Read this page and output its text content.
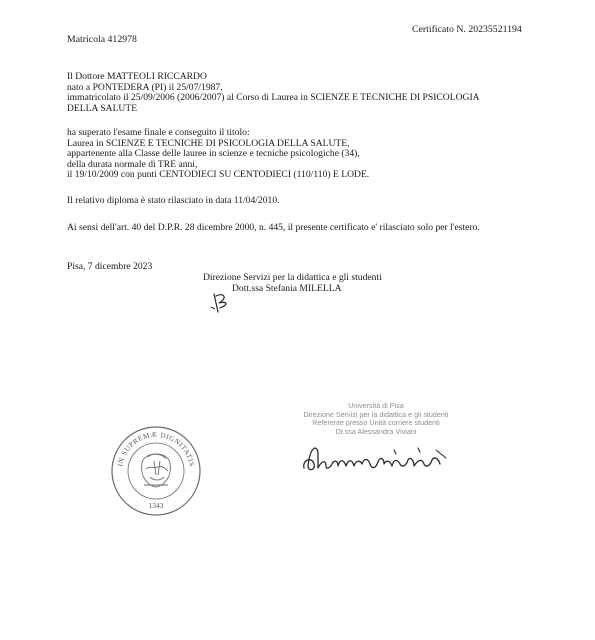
Certificato N. 20235521194
Matricola 412978
Il Dottore MATTEOLI RICCARDO
nato a PONTEDERA (PI) il 25/07/1987,
immatricolato il 25/09/2006 (2006/2007) al Corso di Laurea in SCIENZE E TECNICHE DI PSICOLOGIA
DELLA SALUTE
ha superato l'esame finale e conseguito il titolo:
Laurea in SCIENZE E TECNICHE DI PSICOLOGIA DELLA SALUTE,
appartenente alla Classe delle lauree in scienze e tecniche psicologiche (34),
della durata normale di TRE anni,
il 19/10/2009 con punti CENTODIECI SU CENTODIECI (110/110) E LODE.
Il relativo diploma è stato rilasciato in data 11/04/2010.
Ai sensi dell'art. 40 del D.P.R. 28 dicembre 2000, n. 445, il presente certificato e' rilasciato solo per l'estero.
Pisa, 7 dicembre 2023
Direzione Servizi per la didattica e gli studenti
Dott.ssa Stefania MILELLA
Università di Pisa
Direzione Servizi per la didattica e gli studenti
Referente presso Unità corriere studenti
Dr.ssa Alessandra Viviani
IN SUPREMÆ DIGNITATIS
1343
